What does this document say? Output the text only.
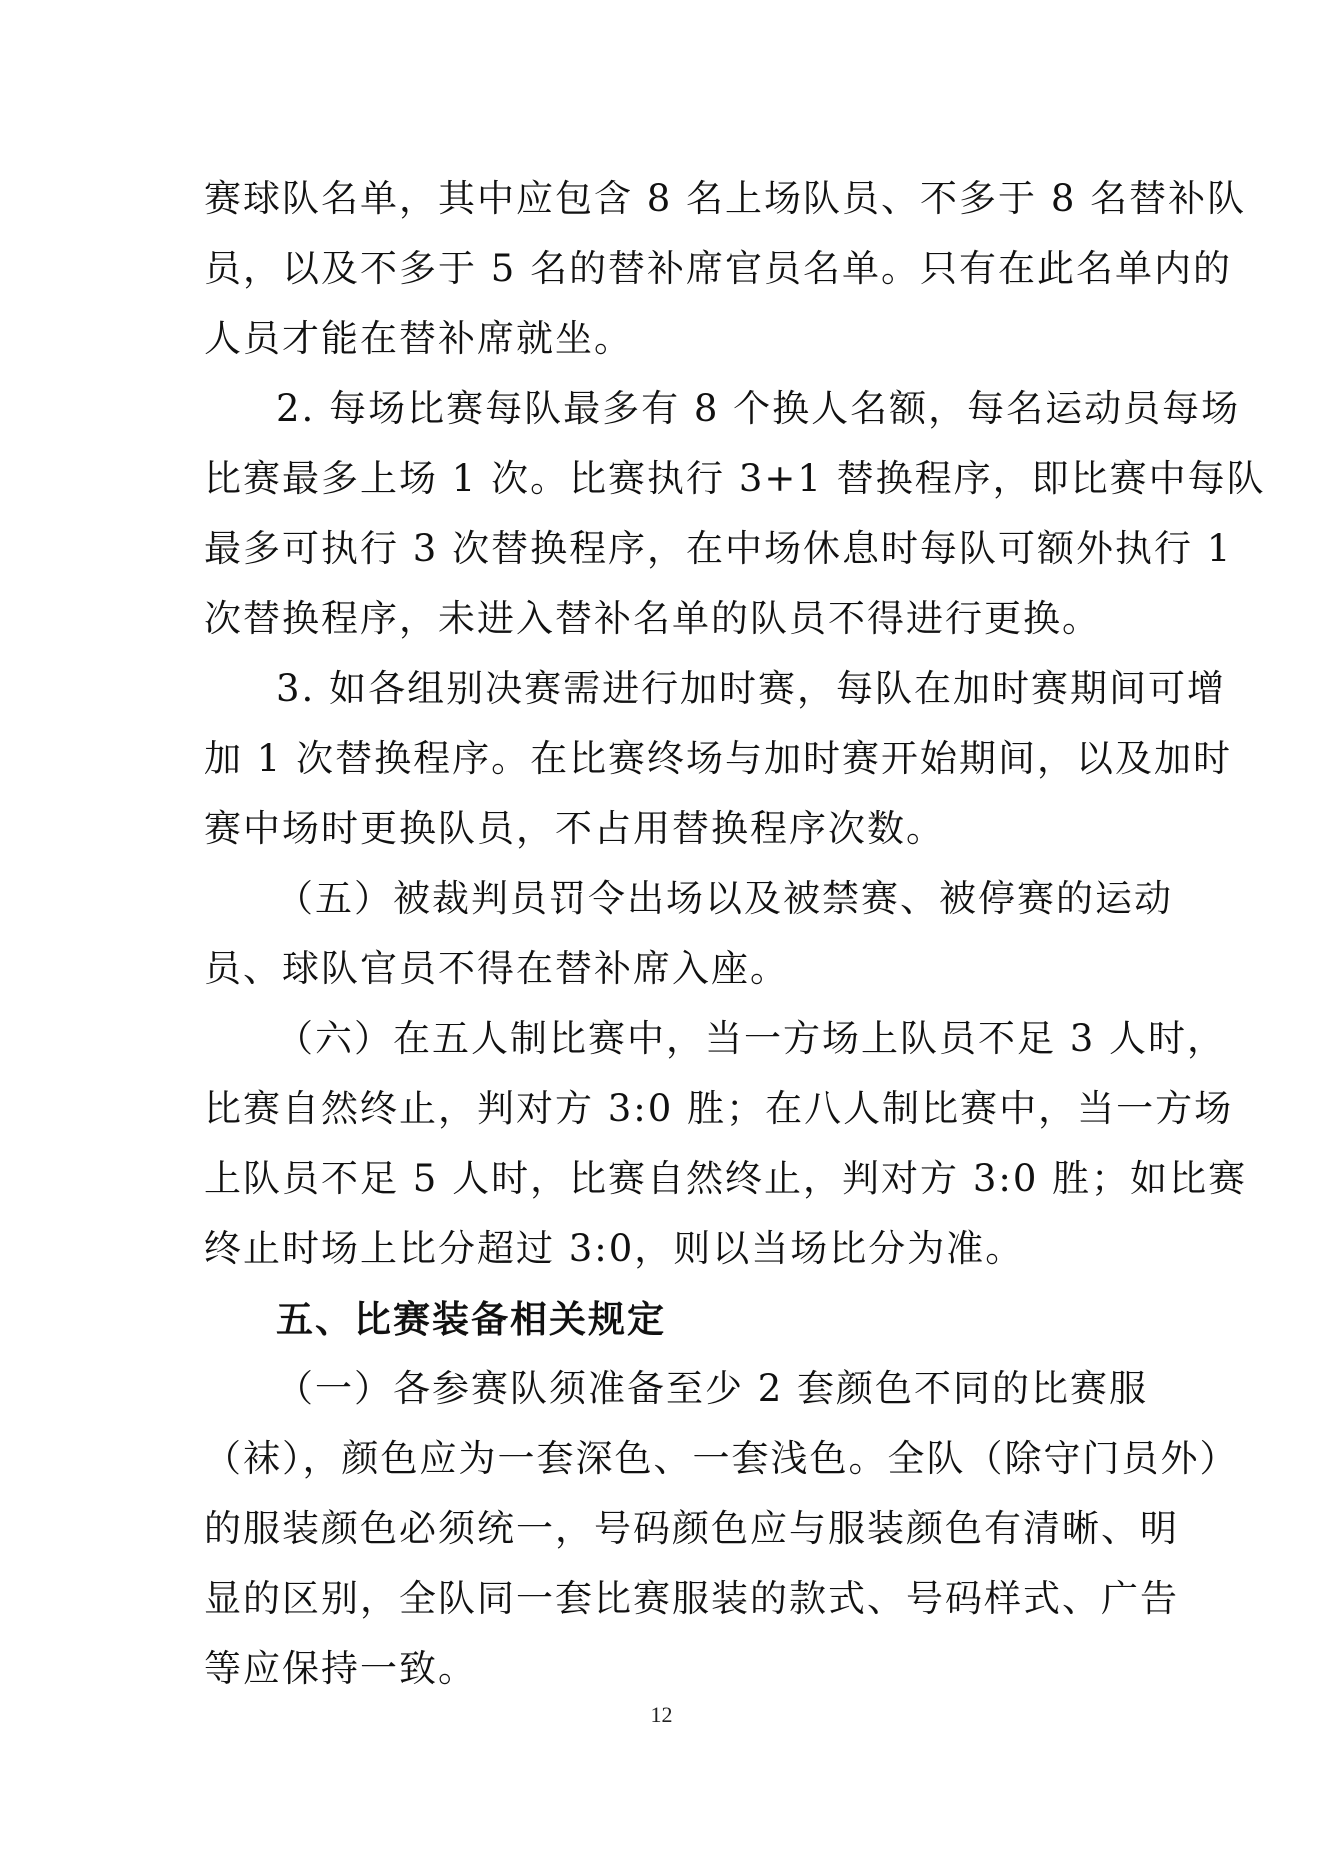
赛球队名单，其中应包含 8 名上场队员、不多于 8 名替补队
员，以及不多于 5 名的替补席官员名单。只有在此名单内的
人员才能在替补席就坐。
2. 每场比赛每队最多有 8 个换人名额，每名运动员每场
比赛最多上场 1 次。比赛执行 3+1 替换程序，即比赛中每队
最多可执行 3 次替换程序，在中场休息时每队可额外执行 1
次替换程序，未进入替补名单的队员不得进行更换。
3. 如各组别决赛需进行加时赛，每队在加时赛期间可增
加 1 次替换程序。在比赛终场与加时赛开始期间，以及加时
赛中场时更换队员，不占用替换程序次数。
（五）被裁判员罚令出场以及被禁赛、被停赛的运动
员、球队官员不得在替补席入座。
（六）在五人制比赛中，当一方场上队员不足 3 人时，
比赛自然终止，判对方 3:0 胜；在八人制比赛中，当一方场
上队员不足 5 人时，比赛自然终止，判对方 3:0 胜；如比赛
终止时场上比分超过 3:0，则以当场比分为准。
五、比赛装备相关规定
（一）各参赛队须准备至少 2 套颜色不同的比赛服
（袜），颜色应为一套深色、一套浅色。全队（除守门员外）
的服装颜色必须统一，号码颜色应与服装颜色有清晰、明
显的区别，全队同一套比赛服装的款式、号码样式、广告
等应保持一致。
12
